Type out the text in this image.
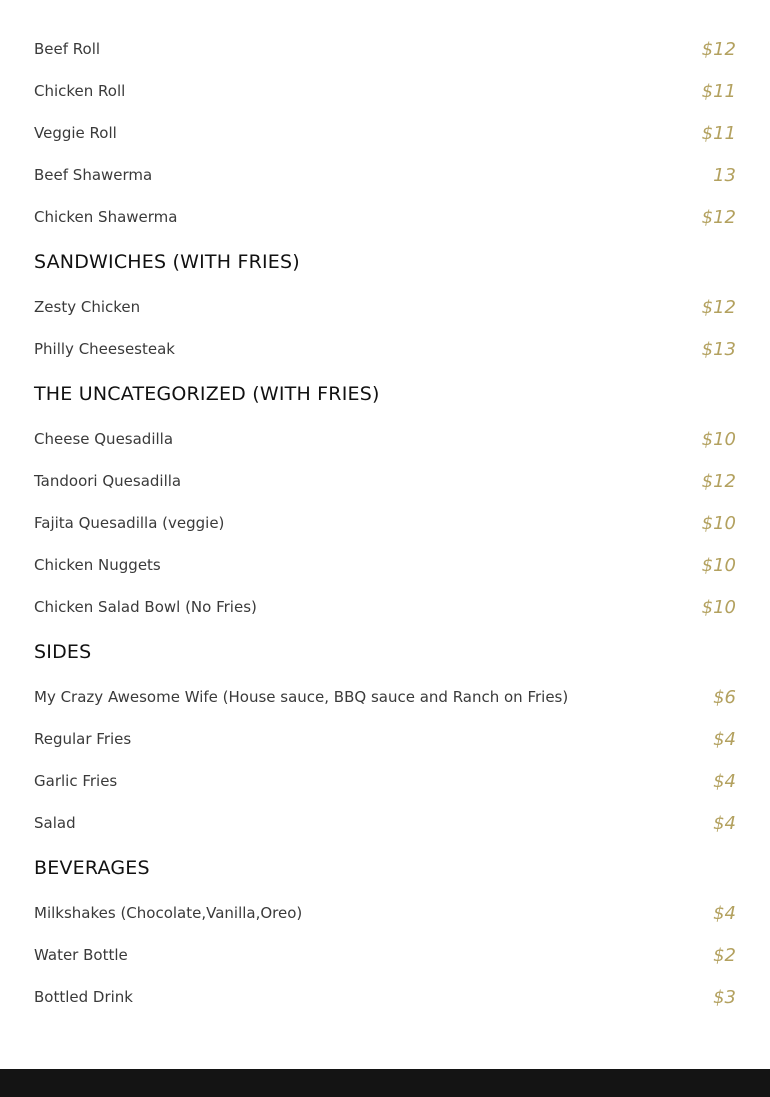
Beef Roll	$12
Chicken Roll	$11
Veggie Roll	$11
Beef Shawerma	13
Chicken Shawerma	$12
SANDWICHES (WITH FRIES)
Zesty Chicken	$12
Philly Cheesesteak	$13
THE UNCATEGORIZED (WITH FRIES)
Cheese Quesadilla	$10
Tandoori Quesadilla	$12
Fajita Quesadilla (veggie)	$10
Chicken Nuggets	$10
Chicken Salad Bowl (No Fries)	$10
SIDES
My Crazy Awesome Wife (House sauce, BBQ sauce and Ranch on Fries)	$6
Regular Fries	$4
Garlic Fries	$4
Salad	$4
BEVERAGES
Milkshakes (Chocolate,Vanilla,Oreo)	$4
Water Bottle	$2
Bottled Drink	$3
